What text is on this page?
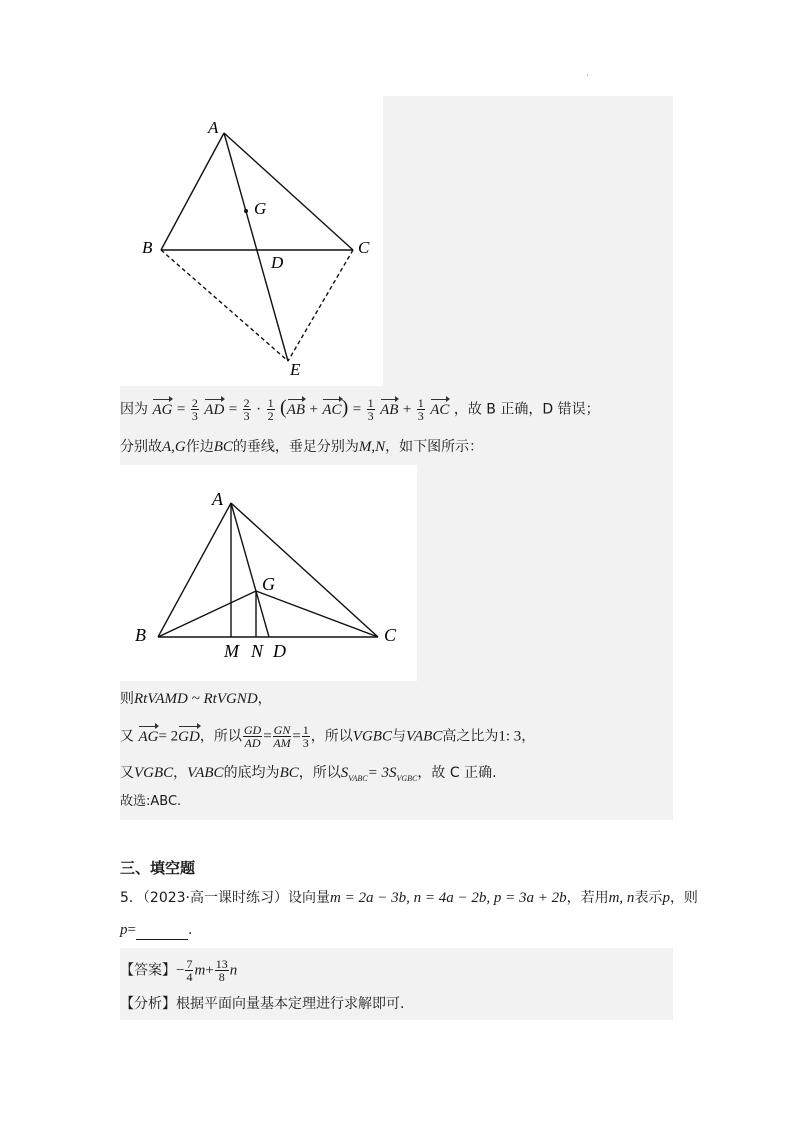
·
A
B	C
D
G
E
因为 AG = $\frac{2}{3}$ AD = $\frac{2}{3} \cdot \frac{1}{2} (AB + AC) = \frac{1}{3}$ AB + $\frac{1}{3}$ AC ，故 B 正确，D 错误；
分别故A,G作边BC的垂线，垂足分别为M,N，如下图所示：
A
B	C
G
M N D
则RtVAMD ~ RtVGND，
又 AG= 2GD，所以 $\frac{GD}{AD} = \frac{GN}{AM} = \frac{1}{3}$ ，所以VGBC与VABC高之比为1: 3，
又VGBC，VABC的底均为BC，所以$S_{VABC}= 3S_{VGBC}$，故 C 正确.
故选:ABC.
三、填空题
5．（2023·高一课时练习）设向量m = 2a − 3b, n = 4a − 2b, p = 3a + 2b，若用m, n表示p，则
p=	.
【答案】− $\frac{7}{4} m+ \frac{13}{8}$ n
【分析】根据平面向量基本定理进行求解即可.
